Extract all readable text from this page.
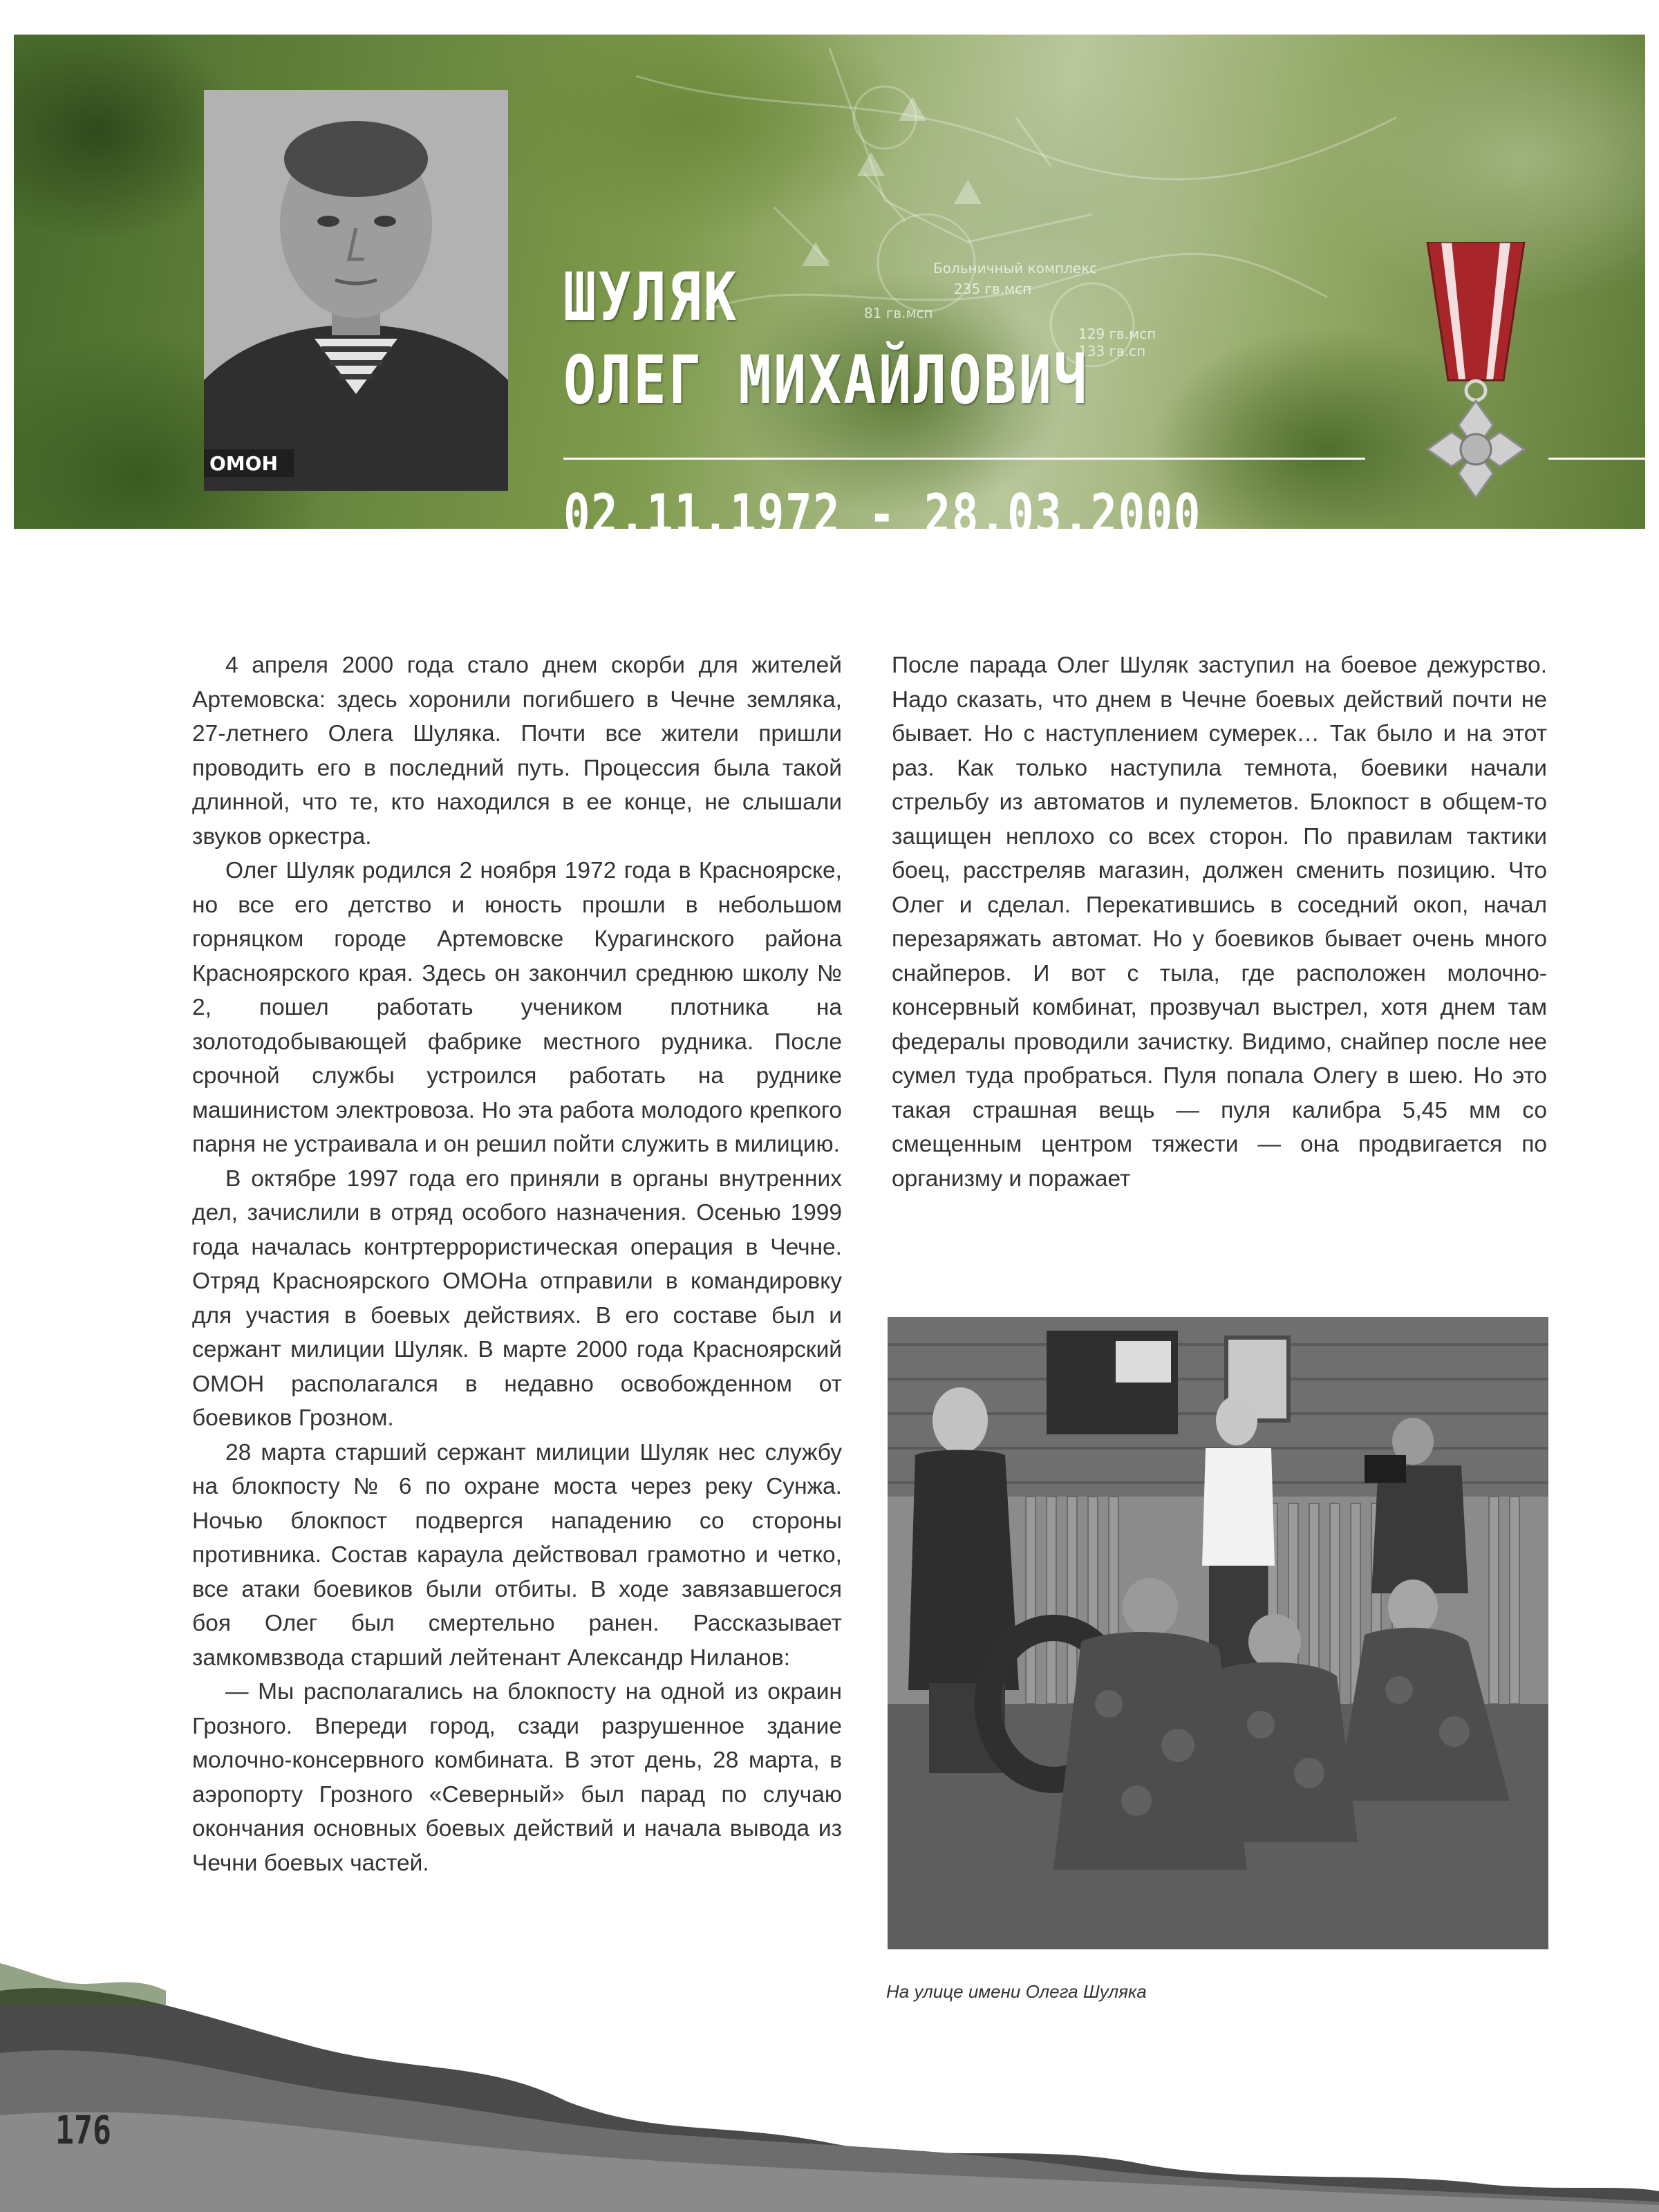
Больничный комплекс
81 гв.мсп
235 гв.мсп
129 гв.мсп
133 гв.сп
ОМОН
ШУЛЯК
ОЛЕГ МИХАЙЛОВИЧ
02.11.1972 - 28.03.2000

4 апреля 2000 года стало днем скорби для жителей Артемовска: здесь хоронили погибшего в Чечне земляка, 27-летнего Олега Шуляка. Почти все жители пришли проводить его в последний путь. Процессия была такой длинной, что те, кто находился в ее конце, не слышали звуков оркестра.

Олег Шуляк родился 2 ноября 1972 года в Красноярске, но все его детство и юность прошли в небольшом горняцком городе Артемовске Курагинского района Красноярского края. Здесь он закончил среднюю школу № 2, пошел работать учеником плотника на золотодобывающей фабрике местного рудника. После срочной службы устроился работать на руднике машинистом электровоза. Но эта работа молодого крепкого парня не устраивала и он решил пойти служить в милицию.

В октябре 1997 года его приняли в органы внутренних дел, зачислили в отряд особого назначения. Осенью 1999 года началась контртеррористическая операция в Чечне. Отряд Красноярского ОМОНа отправили в командировку для участия в боевых действиях. В его составе был и сержант милиции Шуляк. В марте 2000 года Красноярский ОМОН располагался в недавно освобожденном от боевиков Грозном.

28 марта старший сержант милиции Шуляк нес службу на блокпосту № 6 по охране моста через реку Сунжа. Ночью блокпост подвергся нападению со стороны противника. Состав караула действовал грамотно и четко, все атаки боевиков были отбиты. В ходе завязавшегося боя Олег был смертельно ранен. Рассказывает замкомвзвода старший лейтенант Александр Ниланов:

— Мы располагались на блокпосту на одной из окраин Грозного. Впереди город, сзади разрушенное здание молочно-консервного комбината. В этот день, 28 марта, в аэропорту Грозного «Северный» был парад по случаю окончания основных боевых действий и начала вывода из Чечни боевых частей.

После парада Олег Шуляк заступил на боевое дежурство. Надо сказать, что днем в Чечне боевых действий почти не бывает. Но с наступлением сумерек… Так было и на этот раз. Как только наступила темнота, боевики начали стрельбу из автоматов и пулеметов. Блокпост в общем-то защищен неплохо со всех сторон. По правилам тактики боец, расстреляв магазин, должен сменить позицию. Что Олег и сделал. Перекатившись в соседний окоп, начал перезаряжать автомат. Но у боевиков бывает очень много снайперов. И вот с тыла, где расположен молочно-консервный комбинат, прозвучал выстрел, хотя днем там федералы проводили зачистку. Видимо, снайпер после нее сумел туда пробраться. Пуля попала Олегу в шею. Но это такая страшная вещь — пуля калибра 5,45 мм со смещенным центром тяжести — она продвигается по организму и поражает

На улице имени Олега Шуляка
176
